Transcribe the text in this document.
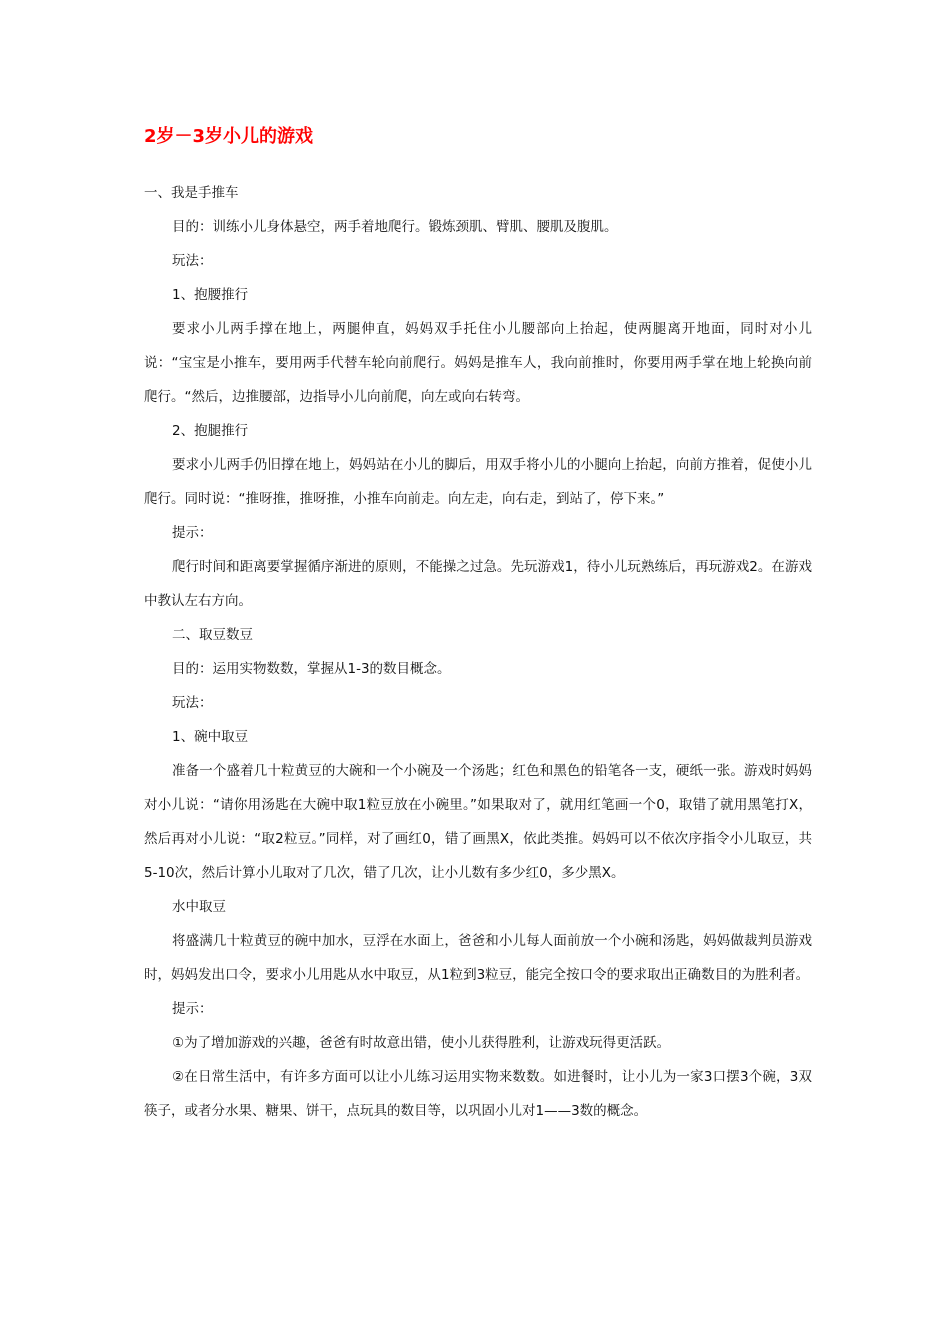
2岁－3岁小儿的游戏

一、我是手推车

目的：训练小儿身体悬空，两手着地爬行。锻炼颈肌、臂肌、腰肌及腹肌。

玩法：

1、抱腰推行

要求小儿两手撑在地上，两腿伸直，妈妈双手托住小儿腰部向上抬起，使两腿离开地面，同时对小儿说：“宝宝是小推车，要用两手代替车轮向前爬行。妈妈是推车人，我向前推时，你要用两手掌在地上轮换向前爬行。“然后，边推腰部，边指导小儿向前爬，向左或向右转弯。

2、抱腿推行

要求小儿两手仍旧撑在地上，妈妈站在小儿的脚后，用双手将小儿的小腿向上抬起，向前方推着，促使小儿爬行。同时说：“推呀推，推呀推，小推车向前走。向左走，向右走，到站了，停下来。”

提示：

爬行时间和距离要掌握循序渐进的原则，不能操之过急。先玩游戏1，待小儿玩熟练后，再玩游戏2。在游戏中教认左右方向。

二、取豆数豆

目的：运用实物数数，掌握从1-3的数目概念。

玩法：

1、碗中取豆

准备一个盛着几十粒黄豆的大碗和一个小碗及一个汤匙；红色和黑色的铅笔各一支，硬纸一张。游戏时妈妈对小儿说：“请你用汤匙在大碗中取1粒豆放在小碗里。”如果取对了，就用红笔画一个0，取错了就用黑笔打X，然后再对小儿说：“取2粒豆。”同样，对了画红0，错了画黑X，依此类推。妈妈可以不依次序指令小儿取豆，共5-10次，然后计算小儿取对了几次，错了几次，让小儿数有多少红0，多少黑X。

水中取豆

将盛满几十粒黄豆的碗中加水，豆浮在水面上，爸爸和小儿每人面前放一个小碗和汤匙，妈妈做裁判员游戏时，妈妈发出口令，要求小儿用匙从水中取豆，从1粒到3粒豆，能完全按口令的要求取出正确数目的为胜利者。

提示：

①为了增加游戏的兴趣，爸爸有时故意出错，使小儿获得胜利，让游戏玩得更活跃。

②在日常生活中，有许多方面可以让小儿练习运用实物来数数。如进餐时，让小儿为一家3口摆3个碗，3双筷子，或者分水果、糖果、饼干，点玩具的数目等，以巩固小儿对1——3数的概念。
